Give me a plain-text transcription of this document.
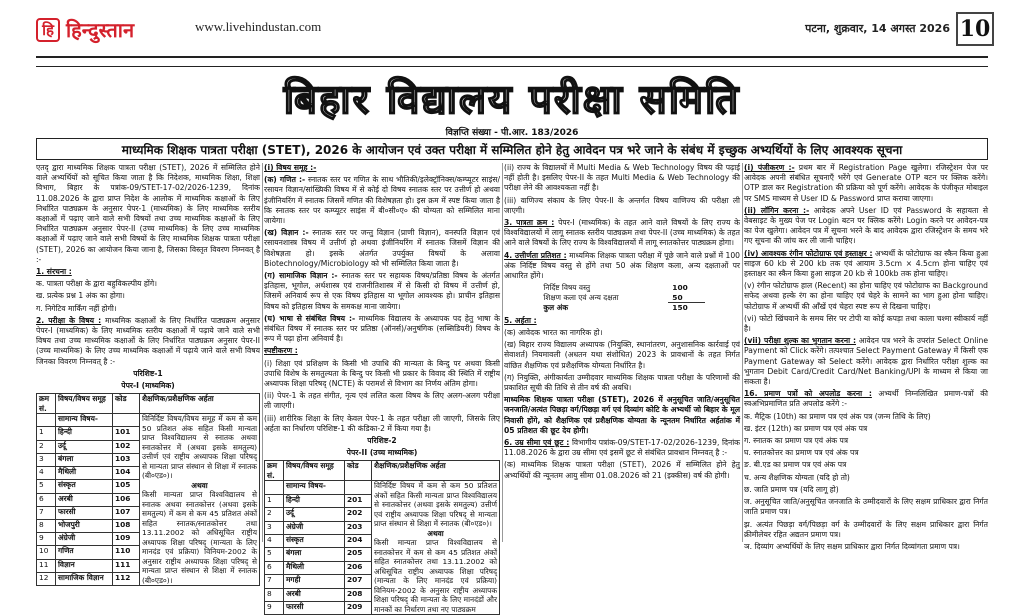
हि हिन्दुस्तान	www.livehindustan.com	पटना, शुक्रवार, 14 अगस्त 2026 10
बिहार विद्यालय परीक्षा समिति
विज्ञप्ति संख्या - पी.आर. 183/2026
माध्यमिक शिक्षक पात्रता परीक्षा (STET), 2026 के आयोजन एवं उक्त परीक्षा में सम्मिलित होने हेतु आवेदन पत्र भरे जाने के संबंध में इच्छुक अभ्यर्थियों के लिए आवश्यक सूचना

एतद् द्वारा माध्यमिक शिक्षक पात्रता परीक्षा (STET), 2026 में सम्मिलित होने वाले अभ्यर्थियों को सूचित किया जाता है कि निदेशक, माध्यमिक शिक्षा, शिक्षा विभाग, बिहार के पत्रांक-09/STET-17-02/2026-1239, दिनांक 11.08.2026 के द्वारा प्राप्त निदेश के आलोक में माध्यमिक कक्षाओं के लिए निर्धारित पाठ्यक्रम के अनुसार पेपर-1 (माध्यमिक) के लिए माध्यमिक स्तरीय कक्षाओं में पढ़ाए जाने वाले सभी विषयों तथा उच्च माध्यमिक कक्षाओं के लिए निर्धारित पाठ्यक्रम अनुसार पेपर-II (उच्च माध्यमिक) के लिए उच्च माध्यमिक कक्षाओं में पढ़ाए जाने वाले सभी विषयों के लिए माध्यमिक शिक्षक पात्रता परीक्षा (STET), 2026 का आयोजन किया जाना है, जिसका विस्तृत विवरण निम्नवत् है :-

1. संरचना :

क. पात्रता परीक्षा के द्वारा बहुविकल्पीय होंगे।

ख. प्रत्येक प्रश्न 1 अंक का होगा।

ग. निगेटिव मार्किंग नहीं होगी।

2. परीक्षा के विषय : माध्यमिक कक्षाओं के लिए निर्धारित पाठ्यक्रम अनुसार पेपर-I (माध्यमिक) के लिए माध्यमिक स्तरीय कक्षाओं में पढ़ाये जाने वाले सभी विषय तथा उच्च माध्यमिक कक्षाओं के लिए निर्धारित पाठ्यक्रम अनुसार पेपर-II (उच्च माध्यमिक) के लिए उच्च माध्यमिक कक्षाओं में पढ़ाये जाने वाले सभी विषय जिनका विवरण निम्नवत् है :-

परिशिष्ट-1

पेपर-I (माध्यमिक)

क्रम सं.	विषय/विषय समूह	कोड	शैक्षणिक/प्रशैक्षणिक अर्हता
	सामान्य विषय-		विनिर्दिष्ट विषय/विषय समूह में कम से कम 50 प्रतिशत अंक सहित किसी मान्यता प्राप्त विश्वविद्यालय से स्नातक अथवा स्नातकोत्तर में (अथवा इसके समतुल्य) उत्तीर्ण एवं राष्ट्रीय अध्यापक शिक्षा परिषद् से मान्यता प्राप्त संस्थान से शिक्षा में स्नातक (बी०एड०)।
अथवा
किसी मान्यता प्राप्त विश्वविद्यालय से स्नातक अथवा स्नातकोत्तर (अथवा इसके समतुल्य) में कम से कम 45 प्रतिशत अंकों सहित स्नातक/स्नातकोत्तर तथा 13.11.2002 को अधिसूचित राष्ट्रीय अध्यापक शिक्षा परिषद् (मान्यता के लिए मानदंड एवं प्रक्रिया) विनियम-2002 के अनुसार राष्ट्रीय अध्यापक शिक्षा परिषद् से मान्यता प्राप्त संस्थान से शिक्षा में स्नातक (बी०एड०)।
1	हिन्दी	101	
2	उर्दू	102	
3	बंगला	103	
4	मैथिली	104	
5	संस्कृत	105	
6	अरबी	106	
7	फारसी	107	
8	भोजपुरी	108	
9	अंग्रेजी	109	
10	गणित	110	
11	विज्ञान	111	
12	सामाजिक विज्ञान	112	

(i) विषय समूह :-

(क) गणित :- स्नातक स्तर पर गणित के साथ भौतिकी/इलेक्ट्रॉनिक्स/कम्प्यूटर साइंस/रसायन विज्ञान/सांख्यिकी विषय में से कोई दो विषय स्नातक स्तर पर उत्तीर्ण हो अथवा इंजीनियरिंग में स्नातक जिसमें गणित की विशेषज्ञता हो। इस क्रम में स्पष्ट किया जाता है कि स्नातक स्तर पर कम्प्यूटर साइंस में बी०सी०ए० की योग्यता को सम्मिलित माना जायेगा।

(ख) विज्ञान :- स्नातक स्तर पर जन्तु विज्ञान (प्राणी विज्ञान), वनस्पति विज्ञान एवं रसायनशास्त्र विषय में उत्तीर्ण हो अथवा इंजीनियरिंग में स्नातक जिसमें विज्ञान की विशेषज्ञता हो। इसके अंतर्गत उपर्युक्त विषयों के अलावा Biotechnology/Microbiology को भी सम्मिलित किया जाता है।

(ग) सामाजिक विज्ञान :- स्नातक स्तर पर सहायक विषय/प्रतिष्ठा विषय के अंतर्गत इतिहास, भूगोल, अर्थशास्त्र एवं राजनीतिशास्त्र में से किसी दो विषय में उत्तीर्ण हो, जिसमें अनिवार्य रूप से एक विषय इतिहास या भूगोल आवश्यक हो। प्राचीन इतिहास विषय को इतिहास विषय के समकक्ष माना जायेगा।

(घ) भाषा से संबंधित विषय :- माध्यमिक विद्यालय के अध्यापक पद हेतु भाषा के संबंधित विषय में स्नातक स्तर पर प्रतिष्ठा (ऑनर्स)/अनुषंगिक (सब्सिडियरी) विषय के रूप में पढ़ा होना अनिवार्य है।

स्पष्टीकरण :

(i) शिक्षा एवं प्रशिक्षण के किसी भी उपाधि की मान्यता के बिन्दु पर अथवा किसी उपाधि विशेष के समतुल्यता के बिन्दु पर किसी भी प्रकार के विवाद की स्थिति में राष्ट्रीय अध्यापक शिक्षा परिषद् (NCTE) के परामर्श से विभाग का निर्णय अंतिम होगा।

(ii) पेपर-1 के तहत संगीत, नृत्य एवं ललित कला विषय के लिए अलग-अलग परीक्षा ली जाएगी।

(iii) शारीरिक शिक्षा के लिए केवल पेपर-1 के तहत परीक्षा ली जाएगी, जिसके लिए अर्हता का निर्धारण परिशिष्ट-1 की कंडिका-2 में किया गया है।

परिशिष्ट-2

पेपर-II (उच्च माध्यमिक)

क्रम सं.	विषय/विषय समूह	कोड	शैक्षणिक/प्रशैक्षणिक अर्हता
	सामान्य विषय-		विनिर्दिष्ट विषय में कम से कम 50 प्रतिशत अंकों सहित किसी मान्यता प्राप्त विश्वविद्यालय से स्नातकोत्तर (अथवा इसके समतुल्य) उत्तीर्ण एवं राष्ट्रीय अध्यापक शिक्षा परिषद् से मान्यता प्राप्त संस्थान से शिक्षा में स्नातक (बी०एड०)।
अथवा
किसी मान्यता प्राप्त विश्वविद्यालय से स्नातकोत्तर में कम से कम 45 प्रतिशत अंकों सहित स्नातकोत्तर तथा 13.11.2002 को अधिसूचित राष्ट्रीय अध्यापक शिक्षा परिषद् (मान्यता के लिए मानदंड एवं प्रक्रिया) विनियम-2002 के अनुसार राष्ट्रीय अध्यापक शिक्षा परिषद् की मान्यता के लिए मानदंडों और मानकों का निर्धारण तथा नए पाठ्यक्रम
1	हिन्दी	201	
2	उर्दू	202	
3	अंग्रेजी	203	
4	संस्कृत	204	
5	बंगला	205	
6	मैथिली	206	
7	मगही	207	
8	अरबी	208	
9	फारसी	209	

(ii) राज्य के विद्यालयों में Multi Media & Web Technology विषय की पढ़ाई नहीं होती है। इसलिए पेपर-II के तहत Multi Media & Web Technology की परीक्षा लेने की आवश्यकता नहीं है।

(iii) वाणिज्य संकाय के लिए पेपर-II के अन्तर्गत विषय वाणिज्य की परीक्षा ली जाएगी।

3. पात्रता क्रम : पेपर-I (माध्यमिक) के तहत आने वाले विषयों के लिए राज्य के विश्वविद्यालयों में लागू स्नातक स्तरीय पाठ्यक्रम तथा पेपर-II (उच्च माध्यमिक) के तहत आने वाले विषयों के लिए राज्य के विश्वविद्यालयों में लागू स्नातकोत्तर पाठ्यक्रम होगा।

4. उत्तीर्णता प्रतिशत : माध्यमिक शिक्षक पात्रता परीक्षा में पूछे जाने वाले प्रश्नों में 100 अंक निर्दिष्ट विषय वस्तु से होंगे तथा 50 अंक शिक्षण कला, अन्य दक्षताओं पर आधारित होंगे।

निर्दिष्ट विषय वस्तु	100
शिक्षण कला एवं अन्य दक्षता	50
कुल अंक	150

5. अर्हता :

(क) आवेदक भारत का नागरिक हो।

(ख) बिहार राज्य विद्यालय अध्यापक (नियुक्ति, स्थानांतरण, अनुशासनिक कार्रवाई एवं सेवाशर्त) नियमावली (अधतन यथा संशोधित) 2023 के प्रावधानों के तहत निर्गत वांछित शैक्षणिक एवं प्रशैक्षणिक योग्यता निर्धारित है।

(ग) नियुक्ति, अंगीकार्यता उम्मीदवार माध्यमिक शिक्षक पात्रता परीक्षा के परिणामों की प्रकाशित सूची की तिथि से तीन वर्ष की अवधि।

माध्यमिक शिक्षक पात्रता परीक्षा (STET), 2026 में अनुसूचित जाति/अनुसूचित जनजाति/अत्यंत पिछड़ा वर्ग/पिछड़ा वर्ग एवं दिव्यांग कोटि के अभ्यर्थी जो बिहार के मूल निवासी होंगे, को शैक्षणिक एवं प्रशैक्षणिक योग्यता के न्यूनतम निर्धारित अर्हतांक में 05 प्रतिशत की छूट देय होगी।

6. उम्र सीमा एवं छूट : विभागीय पत्रांक-09/STET-17-02/2026-1239, दिनांक 11.08.2026 के द्वारा उम्र सीमा एवं इसमें छूट से संबंधित प्रावधान निम्नवत् है :-

(क) माध्यमिक शिक्षक पात्रता परीक्षा (STET), 2026 में सम्मिलित होने हेतु अभ्यर्थियों की न्यूनतम आयु सीमा 01.08.2026 को 21 (इक्कीस) वर्ष की होगी।

(i) पंजीकरण :- प्रथम बार में Registration Page खुलेगा। रजिस्ट्रेशन पेज पर आवेदक अपनी संबंधित सूचनाएँ भरेंगे एवं Generate OTP बटन पर क्लिक करेंगे। OTP डाल कर Registration की प्रक्रिया को पूर्ण करेंगे। आवेदक के पंजीकृत मोबाइल पर SMS माध्यम से User ID & Password प्राप्त कराया जाएगा।

(ii) लॉगिन करना :- आवेदक अपने User ID एवं Password के सहायता से वेबसाइट के मुख्य पेज पर Login बटन पर क्लिक करेंगे। Login करने पर आवेदन-पत्र का पेज खुलेगा। आवेदन पत्र में सूचना भरने के बाद आवेदक द्वारा रजिस्ट्रेशन के समय भरे गए सूचना की जांच कर ली जानी चाहिए।

(iv) आवश्यक रंगीन फोटोग्राफ एवं हस्ताक्षर : अभ्यर्थी के फोटोग्राफ का स्कैन किया हुआ साइज 60 kb से 200 kb तक एवं आयाम 3.5cm × 4.5cm होना चाहिए एवं हस्ताक्षर का स्कैन किया हुआ साइज 20 kb से 100kb तक होना चाहिए।

(v) रंगीन फोटोग्राफ हाल (Recent) का होना चाहिए एवं फोटोग्राफ का Background सफेद अथवा हल्के रंग का होना चाहिए एवं चेहरे के सामने का भाग हुआ होना चाहिए। फोटोग्राफ में अभ्यर्थी की आँखें एवं चेहरा स्पष्ट रूप से दिखना चाहिए।

(vi) फोटो खिंचवाने के समय सिर पर टोपी या कोई कपड़ा तथा काला चश्मा स्वीकार्य नहीं है।

(vii) परीक्षा शुल्क का भुगतान करना : आवेदन पत्र भरने के उपरांत Select Online Payment को Click करेंगे। तत्पश्चात Select Payment Gateway में किसी एक Payment Gateway को Select करेंगे। आवेदक द्वारा निर्धारित परीक्षा शुल्क का भुगतान Debit Card/Credit Card/Net Banking/UPI के माध्यम से किया जा सकता है।

16. प्रमाण पत्रों को अपलोड करना : अभ्यर्थी निम्नलिखित प्रमाण-पत्रों की स्वअभिप्रमाणित प्रति अपलोड करेंगे :-

क. मैट्रिक (10th) का प्रमाण पत्र एवं अंक पत्र (जन्म तिथि के लिए)

ख. इंटर (12th) का प्रमाण पत्र एवं अंक पत्र

ग. स्नातक का प्रमाण पत्र एवं अंक पत्र

घ. स्नातकोत्तर का प्रमाण पत्र एवं अंक पत्र

ङ. बी.एड का प्रमाण पत्र एवं अंक पत्र

च. अन्य शैक्षणिक योग्यता (यदि हो तो)

छ. जाति प्रमाण पत्र (यदि लागू हो)

ज. अनुसूचित जाति/अनुसूचित जनजाति के उम्मीदवारों के लिए सक्षम प्राधिकार द्वारा निर्गत जाति प्रमाण पत्र।

झ. अत्यंत पिछड़ा वर्ग/पिछड़ा वर्ग के उम्मीदवारों के लिए सक्षम प्राधिकार द्वारा निर्गत क्रीमीलेयर रहित अद्यतन प्रमाण पत्र।

ञ. दिव्यांग अभ्यर्थियों के लिए सक्षम प्राधिकार द्वारा निर्गत दिव्यांगता प्रमाण पत्र।
